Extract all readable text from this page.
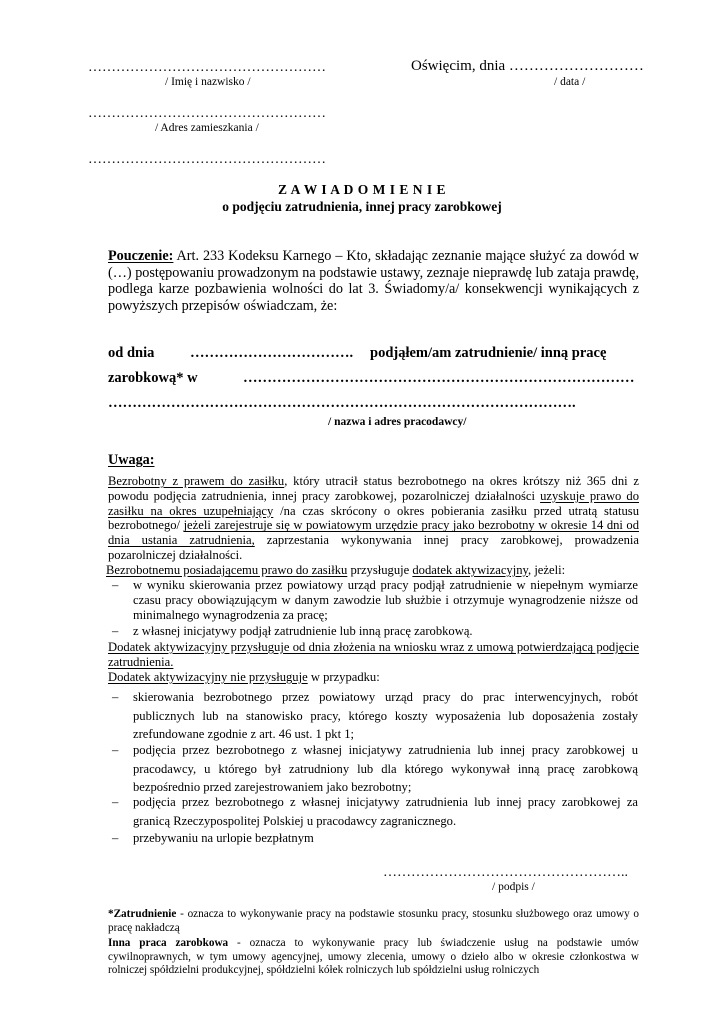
……………………………………………
/ Imię i nazwisko /
Oświęcim, dnia ………………………
/ data /
……………………………………………
/ Adres zamieszkania /
……………………………………………
Z A W I A D O M I E N I E
o podjęciu zatrudnienia, innej pracy zarobkowej
Pouczenie: Art. 233 Kodeksu Karnego – Kto, składając zeznanie mające służyć za dowód w (…) postępowaniu prowadzonym na podstawie ustawy, zeznaje nieprawdę lub zataja prawdę, podlega karze pozbawienia wolności do lat 3. Świadomy/a/ konsekwencji wynikających z powyższych przepisów oświadczam, że:
od dnia ……………………………. podjąłem/am zatrudnienie/ inną pracę
zarobkową* w	………………………………………………………………………
…………………………………………………………………………………….
/ nazwa i adres pracodawcy/
Uwaga:
Bezrobotny z prawem do zasiłku, który utracił status bezrobotnego na okres krótszy niż 365 dni z powodu podjęcia zatrudnienia, innej pracy zarobkowej, pozarolniczej działalności uzyskuje prawo do zasiłku na okres uzupełniający /na czas skrócony o okres pobierania zasiłku przed utratą statusu bezrobotnego/ jeżeli zarejestruje się w powiatowym urzędzie pracy jako bezrobotny w okresie 14 dni od dnia ustania zatrudnienia, zaprzestania wykonywania innej pracy zarobkowej, prowadzenia pozarolniczej działalności.
Bezrobotnemu posiadającemu prawo do zasiłku przysługuje dodatek aktywizacyjny, jeżeli:
– w wyniku skierowania przez powiatowy urząd pracy podjął zatrudnienie w niepełnym wymiarze czasu pracy obowiązującym w danym zawodzie lub służbie i otrzymuje wynagrodzenie niższe od minimalnego wynagrodzenia za pracę;
– z własnej inicjatywy podjął zatrudnienie lub inną pracę zarobkową.
Dodatek aktywizacyjny przysługuje od dnia złożenia na wniosku wraz z umową potwierdzającą podjęcie zatrudnienia.
Dodatek aktywizacyjny nie przysługuje w przypadku:
– skierowania bezrobotnego przez powiatowy urząd pracy do prac interwencyjnych, robót publicznych lub na stanowisko pracy, którego koszty wyposażenia lub doposażenia zostały zrefundowane zgodnie z art. 46 ust. 1 pkt 1;
– podjęcia przez bezrobotnego z własnej inicjatywy zatrudnienia lub innej pracy zarobkowej u pracodawcy, u którego był zatrudniony lub dla którego wykonywał inną pracę zarobkową bezpośrednio przed zarejestrowaniem jako bezrobotny;
– podjęcia przez bezrobotnego z własnej inicjatywy zatrudnienia lub innej pracy zarobkowej za granicą Rzeczypospolitej Polskiej u pracodawcy zagranicznego.
– przebywaniu na urlopie bezpłatnym
……………………………………………..
/ podpis /
*Zatrudnienie - oznacza to wykonywanie pracy na podstawie stosunku pracy, stosunku służbowego oraz umowy o pracę nakładczą
Inna praca zarobkowa - oznacza to wykonywanie pracy lub świadczenie usług na podstawie umów cywilnoprawnych, w tym umowy agencyjnej, umowy zlecenia, umowy o dzieło albo w okresie członkostwa w rolniczej spółdzielni produkcyjnej, spółdzielni kółek rolniczych lub spółdzielni usług rolniczych
